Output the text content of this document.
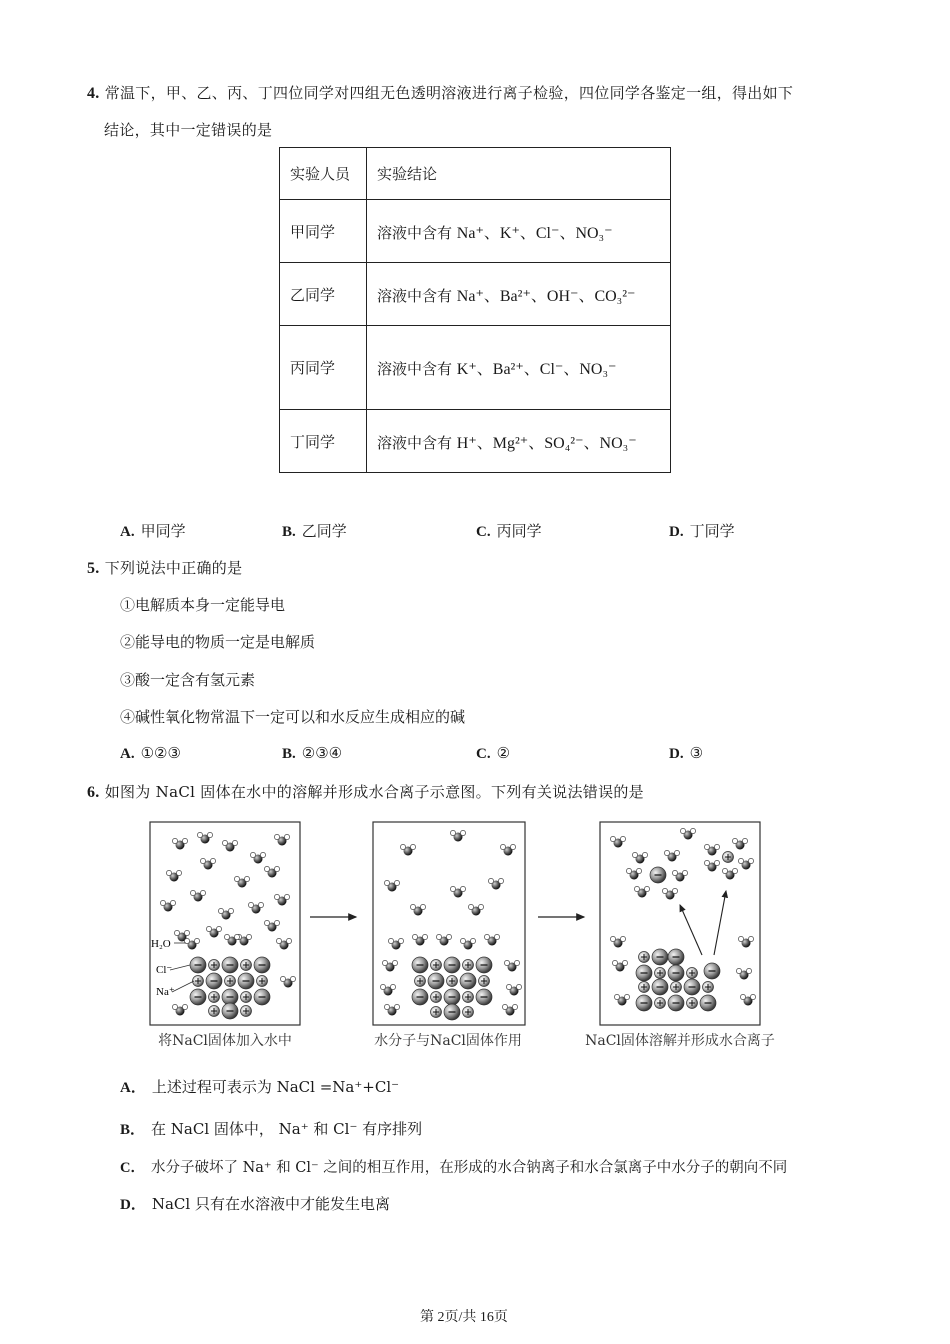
4. 常温下，甲、乙、丙、丁四位同学对四组无色透明溶液进行离子检验，四位同学各鉴定一组，得出如下
结论，其中一定错误的是
实验人员	实验结论
甲同学	溶液中含有 Na⁺、K⁺、Cl⁻、NO₃⁻
乙同学	溶液中含有 Na⁺、Ba²⁺、OH⁻、CO₃²⁻
丙同学	溶液中含有 K⁺、Ba²⁺、Cl⁻、NO₃⁻
丁同学	溶液中含有 H⁺、Mg²⁺、SO₄²⁻、NO₃⁻
A. 甲同学	B. 乙同学	C. 丙同学	D. 丁同学
5. 下列说法中正确的是
①电解质本身一定能导电
②能导电的物质一定是电解质
③酸一定含有氢元素
④碱性氧化物常温下一定可以和水反应生成相应的碱
A. ①②③	B. ②③④	C. ②	D. ③
6. 如图为 NaCl 固体在水中的溶解并形成水合离子示意图。下列有关说法错误的是
H₂O
Cl⁻
Na⁺
将NaCl固体加入水中	水分子与NaCl固体作用	NaCl固体溶解并形成水合离子
A． 上述过程可表示为 NaCl =Na⁺+Cl⁻
B． 在 NaCl 固体中， Na⁺ 和 Cl⁻ 有序排列
C． 水分子破坏了 Na⁺ 和 Cl⁻ 之间的相互作用，在形成的水合钠离子和水合氯离子中水分子的朝向不同
D． NaCl 只有在水溶液中才能发生电离
第 2页/共 16页
